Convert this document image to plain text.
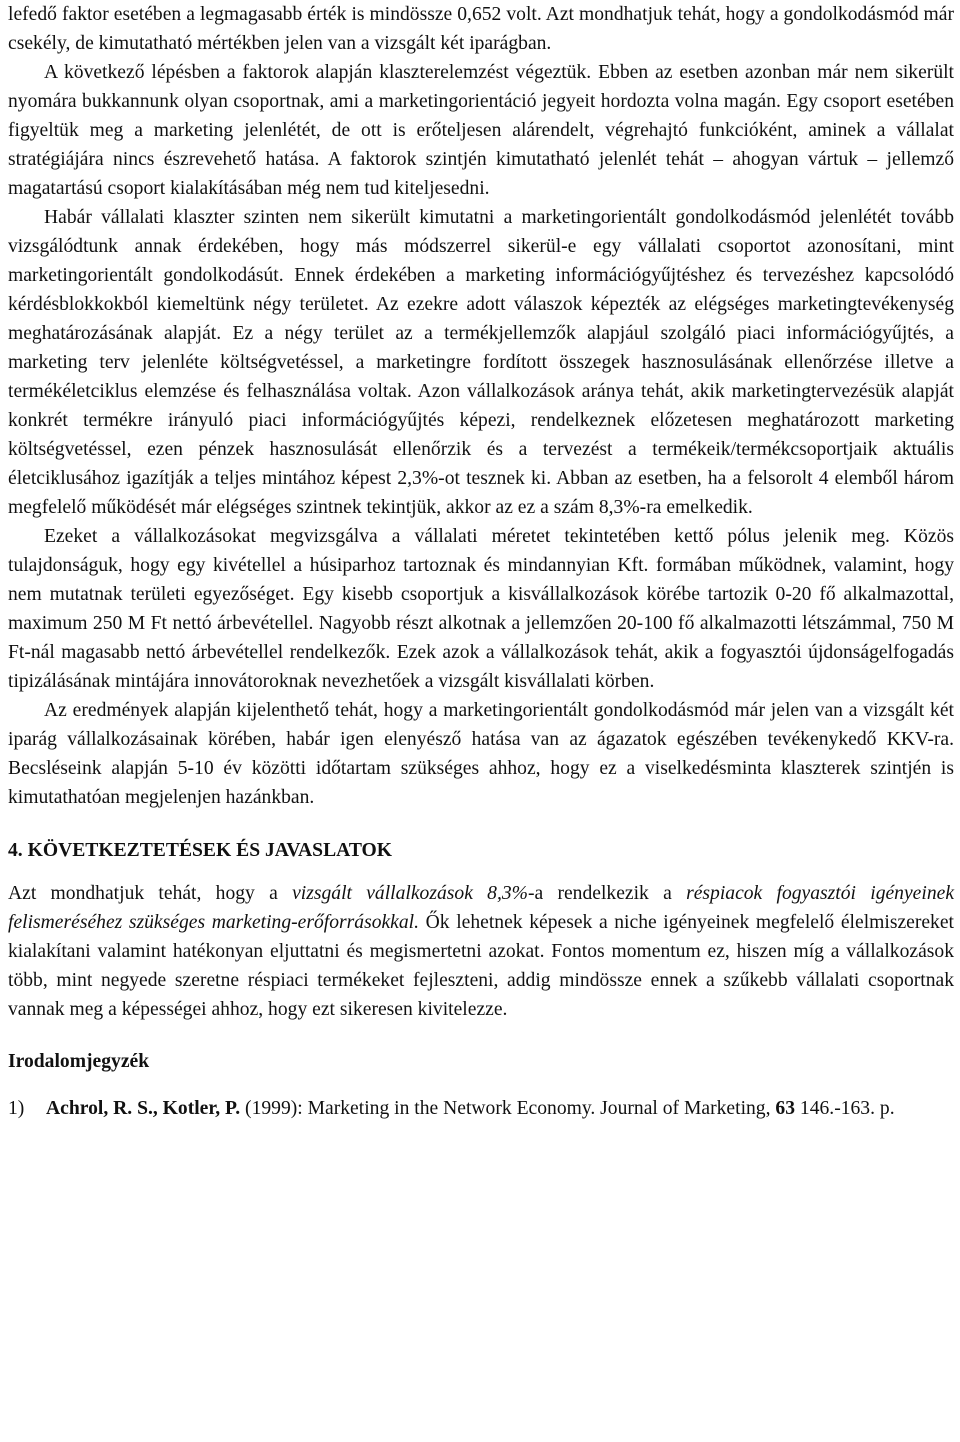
lefedő faktor esetében a legmagasabb érték is mindössze 0,652 volt. Azt mondhatjuk tehát, hogy a gondolkodásmód már csekély, de kimutatható mértékben jelen van a vizsgált két iparágban.

A következő lépésben a faktorok alapján klaszterelemzést végeztük. Ebben az esetben azonban már nem sikerült nyomára bukkannunk olyan csoportnak, ami a marketingorientáció jegyeit hordozta volna magán. Egy csoport esetében figyeltük meg a marketing jelenlétét, de ott is erőteljesen alárendelt, végrehajtó funkcióként, aminek a vállalat stratégiájára nincs észrevehető hatása. A faktorok szintjén kimutatható jelenlét tehát – ahogyan vártuk – jellemző magatartású csoport kialakításában még nem tud kiteljesedni.

Habár vállalati klaszter szinten nem sikerült kimutatni a marketingorientált gondolkodásmód jelenlétét tovább vizsgálódtunk annak érdekében, hogy más módszerrel sikerül-e egy vállalati csoportot azonosítani, mint marketingorientált gondolkodásút. Ennek érdekében a marketing információgyűjtéshez és tervezéshez kapcsolódó kérdésblokkokból kiemeltünk négy területet. Az ezekre adott válaszok képezték az elégséges marketingtevékenység meghatározásának alapját. Ez a négy terület az a termékjellemzők alapjául szolgáló piaci információgyűjtés, a marketing terv jelenléte költségvetéssel, a marketingre fordított összegek hasznosulásának ellenőrzése illetve a termékéletciklus elemzése és felhasználása voltak. Azon vállalkozások aránya tehát, akik marketingtervezésük alapját konkrét termékre irányuló piaci információgyűjtés képezi, rendelkeznek előzetesen meghatározott marketing költségvetéssel, ezen pénzek hasznosulását ellenőrzik és a tervezést a termékeik/termékcsoportjaik aktuális életciklusához igazítják a teljes mintához képest 2,3%-ot tesznek ki. Abban az esetben, ha a felsorolt 4 elemből három megfelelő működését már elégséges szintnek tekintjük, akkor az ez a szám 8,3%-ra emelkedik.

Ezeket a vállalkozásokat megvizsgálva a vállalati méretet tekintetében kettő pólus jelenik meg. Közös tulajdonságuk, hogy egy kivétellel a húsiparhoz tartoznak és mindannyian Kft. formában működnek, valamint, hogy nem mutatnak területi egyezőséget. Egy kisebb csoportjuk a kisvállalkozások körébe tartozik 0-20 fő alkalmazottal, maximum 250 M Ft nettó árbevétellel. Nagyobb részt alkotnak a jellemzően 20-100 fő alkalmazotti létszámmal, 750 M Ft-nál magasabb nettó árbevétellel rendelkezők. Ezek azok a vállalkozások tehát, akik a fogyasztói újdonságelfogadás tipizálásának mintájára innovátoroknak nevezhetőek a vizsgált kisvállalati körben.

Az eredmények alapján kijelenthető tehát, hogy a marketingorientált gondolkodásmód már jelen van a vizsgált két iparág vállalkozásainak körében, habár igen elenyésző hatása van az ágazatok egészében tevékenykedő KKV-ra. Becsléseink alapján 5-10 év közötti időtartam szükséges ahhoz, hogy ez a viselkedésminta klaszterek szintjén is kimutathatóan megjelenjen hazánkban.

4. KÖVETKEZTETÉSEK ÉS JAVASLATOK

Azt mondhatjuk tehát, hogy a vizsgált vállalkozások 8,3%-a rendelkezik a réspiacok fogyasztói igényeinek felismeréséhez szükséges marketing-erőforrásokkal. Ők lehetnek képesek a niche igényeinek megfelelő élelmiszereket kialakítani valamint hatékonyan eljuttatni és megismertetni azokat. Fontos momentum ez, hiszen míg a vállalkozások több, mint negyede szeretne réspiaci termékeket fejleszteni, addig mindössze ennek a szűkebb vállalati csoportnak vannak meg a képességei ahhoz, hogy ezt sikeresen kivitelezze.

Irodalomjegyzék
1)	Achrol, R. S., Kotler, P. (1999): Marketing in the Network Economy. Journal of Marketing, 63 146.-163. p.
